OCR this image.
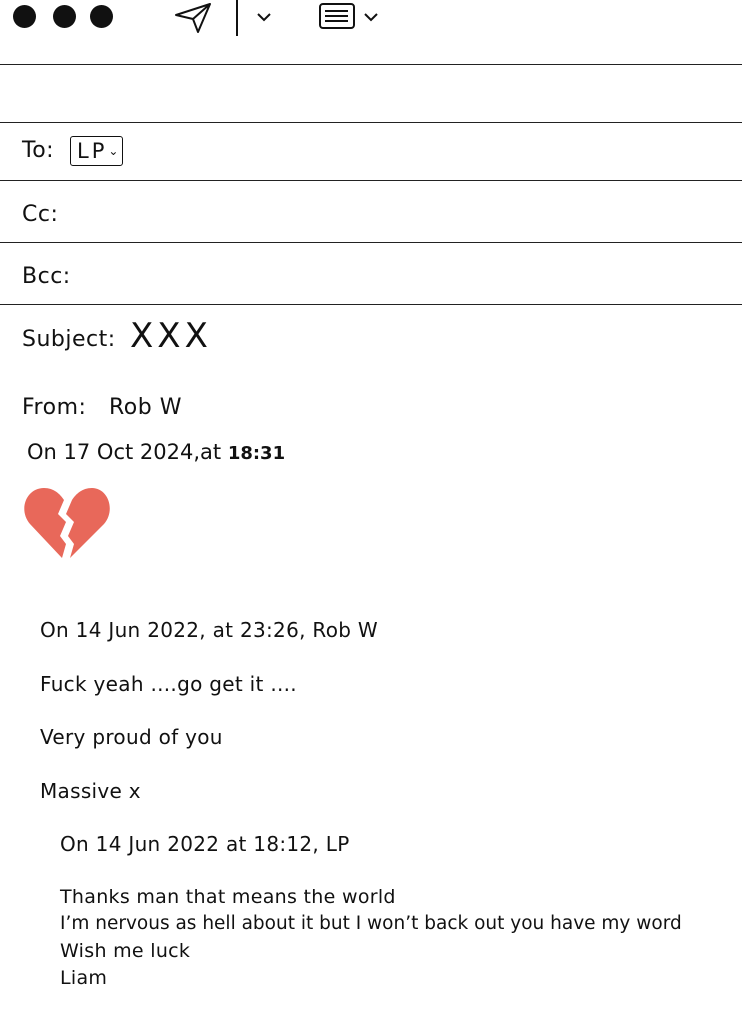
To: LP ⌄
Cc:
Bcc:
Subject: XXX
From: Rob W
On 17 Oct 2024,at 18:31
On 14 Jun 2022, at 23:26, Rob W
Fuck yeah ....go get it ....
Very proud of you
Massive x
On 14 Jun 2022 at 18:12, LP
Thanks man that means the world
I’m nervous as hell about it but I won’t back out you have my word
Wish me luck
Liam
